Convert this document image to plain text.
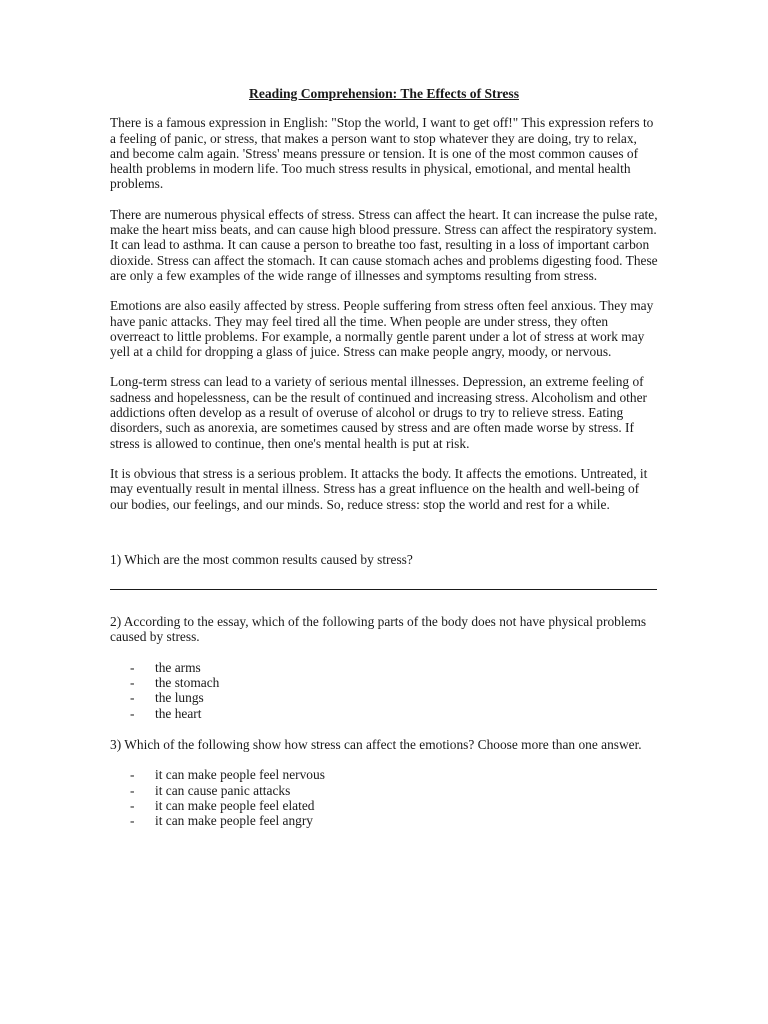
Reading Comprehension: The Effects of Stress

There is a famous expression in English: "Stop the world, I want to get off!" This expression refers to a feeling of panic, or stress, that makes a person want to stop whatever they are doing, try to relax, and become calm again. 'Stress' means pressure or tension. It is one of the most common causes of health problems in modern life. Too much stress results in physical, emotional, and mental health problems.

There are numerous physical effects of stress. Stress can affect the heart. It can increase the pulse rate, make the heart miss beats, and can cause high blood pressure. Stress can affect the respiratory system. It can lead to asthma. It can cause a person to breathe too fast, resulting in a loss of important carbon dioxide. Stress can affect the stomach. It can cause stomach aches and problems digesting food. These are only a few examples of the wide range of illnesses and symptoms resulting from stress.

Emotions are also easily affected by stress. People suffering from stress often feel anxious. They may have panic attacks. They may feel tired all the time. When people are under stress, they often overreact to little problems. For example, a normally gentle parent under a lot of stress at work may yell at a child for dropping a glass of juice. Stress can make people angry, moody, or nervous.

Long-term stress can lead to a variety of serious mental illnesses. Depression, an extreme feeling of sadness and hopelessness, can be the result of continued and increasing stress. Alcoholism and other addictions often develop as a result of overuse of alcohol or drugs to try to relieve stress. Eating disorders, such as anorexia, are sometimes caused by stress and are often made worse by stress. If stress is allowed to continue, then one's mental health is put at risk.

It is obvious that stress is a serious problem. It attacks the body. It affects the emotions. Untreated, it may eventually result in mental illness. Stress has a great influence on the health and well-being of our bodies, our feelings, and our minds. So, reduce stress: stop the world and rest for a while.

1) Which are the most common results caused by stress?

2) According to the essay, which of the following parts of the body does not have physical problems caused by stress.

-	the arms
-	the stomach
-	the lungs
-	the heart

3) Which of the following show how stress can affect the emotions? Choose more than one answer.

-	it can make people feel nervous
-	it can cause panic attacks
-	it can make people feel elated
-	it can make people feel angry
